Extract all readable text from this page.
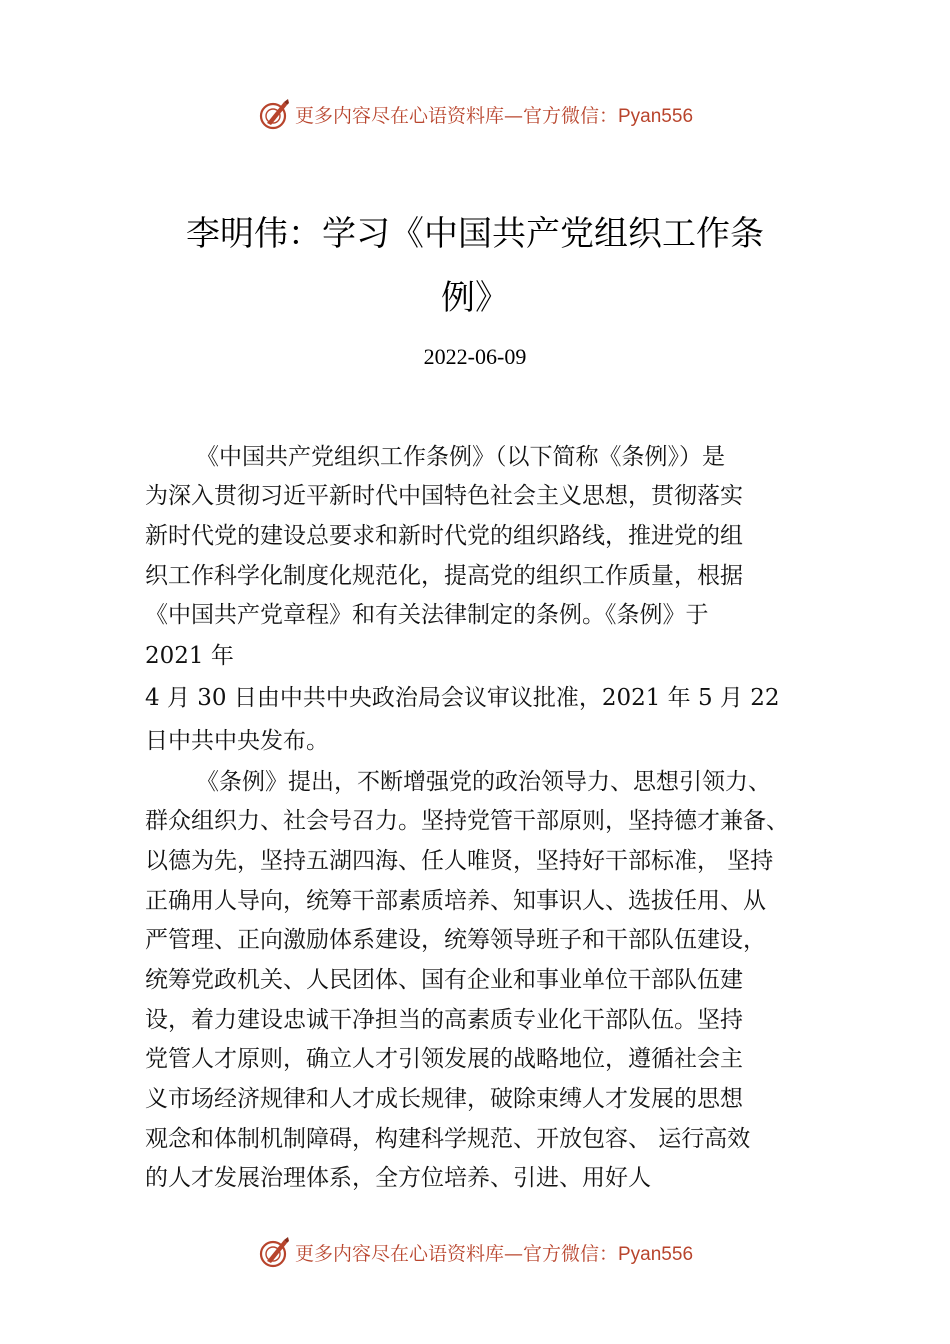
更多内容尽在心语资料库—官方微信：Pyan556
李明伟：学习《中国共产党组织工作条
例》
2022-06-09
《中国共产党组织工作条例》（以下简称《条例》）是
为深入贯彻习近平新时代中国特色社会主义思想，贯彻落实
新时代党的建设总要求和新时代党的组织路线，推进党的组
织工作科学化制度化规范化，提高党的组织工作质量，根据
《中国共产党章程》和有关法律制定的条例。《条例》于
2021 年
4 月 30 日由中共中央政治局会议审议批准，2021 年 5 月 22
日中共中央发布。
《条例》提出，不断增强党的政治领导力、思想引领力、
群众组织力、社会号召力。坚持党管干部原则，坚持德才兼备、
以德为先，坚持五湖四海、任人唯贤，坚持好干部标准， 坚持
正确用人导向，统筹干部素质培养、知事识人、选拔任用、从
严管理、正向激励体系建设，统筹领导班子和干部队伍建设，
统筹党政机关、人民团体、国有企业和事业单位干部队伍建
设，着力建设忠诚干净担当的高素质专业化干部队伍。坚持
党管人才原则，确立人才引领发展的战略地位，遵循社会主
义市场经济规律和人才成长规律，破除束缚人才发展的思想
观念和体制机制障碍，构建科学规范、开放包容、 运行高效
的人才发展治理体系，全方位培养、引进、用好人
更多内容尽在心语资料库—官方微信：Pyan556
